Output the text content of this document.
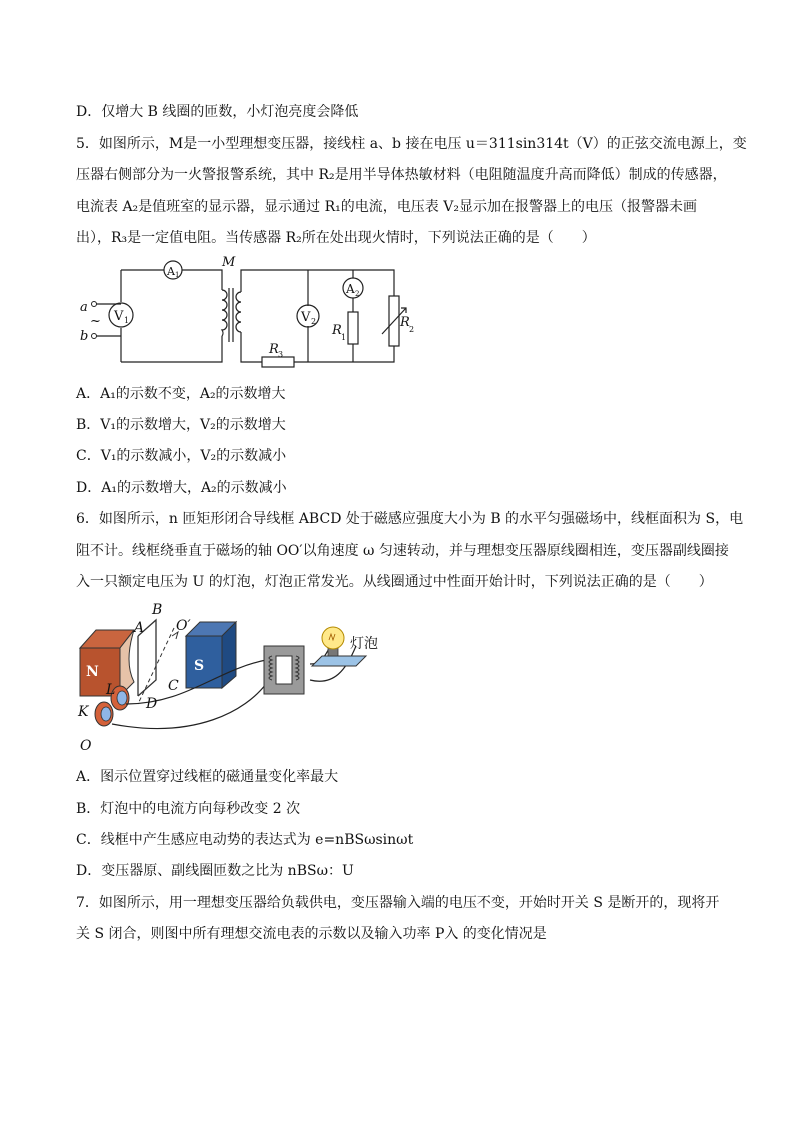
D．仅增大 B 线圈的匝数，小灯泡亮度会降低
5．如图所示，M是一小型理想变压器，接线柱 a、b 接在电压 u＝311sin314t（V）的正弦交流电源上，变
压器右侧部分为一火警报警系统，其中 R₂是用半导体热敏材料（电阻随温度升高而降低）制成的传感器，
电流表 A₂是值班室的显示器，显示通过 R₁的电流，电压表 V₂显示加在报警器上的电压（报警器未画
出），R₃是一定值电阻。当传感器 R₂所在处出现火情时，下列说法正确的是（　　）
a
~
b
M
V 1
A 1
V 2
A 2
R 1
R 2
R 3
A．A₁的示数不变，A₂的示数增大
B．V₁的示数增大，V₂的示数增大
C．V₁的示数减小，V₂的示数减小
D．A₁的示数增大，A₂的示数减小
6．如图所示，n 匝矩形闭合导线框 ABCD 处于磁感应强度大小为 B 的水平匀强磁场中，线框面积为 S，电
阻不计。线框绕垂直于磁场的轴 OO′以角速度 ω 匀速转动，并与理想变压器原线圈相连，变压器副线圈接
入一只额定电压为 U 的灯泡，灯泡正常发光。从线圈通过中性面开始计时，下列说法正确的是（　　）
N	S
A
B
C
D
L
K
O
O′
灯泡
A．图示位置穿过线框的磁通量变化率最大
B．灯泡中的电流方向每秒改变 2 次
C．线框中产生感应电动势的表达式为 e=nBSωsinωt
D．变压器原、副线圈匝数之比为 nBSω：U
7．如图所示，用一理想变压器给负载供电，变压器输入端的电压不变，开始时开关 S 是断开的，现将开
关 S 闭合，则图中所有理想交流电表的示数以及输入功率 P入 的变化情况是
